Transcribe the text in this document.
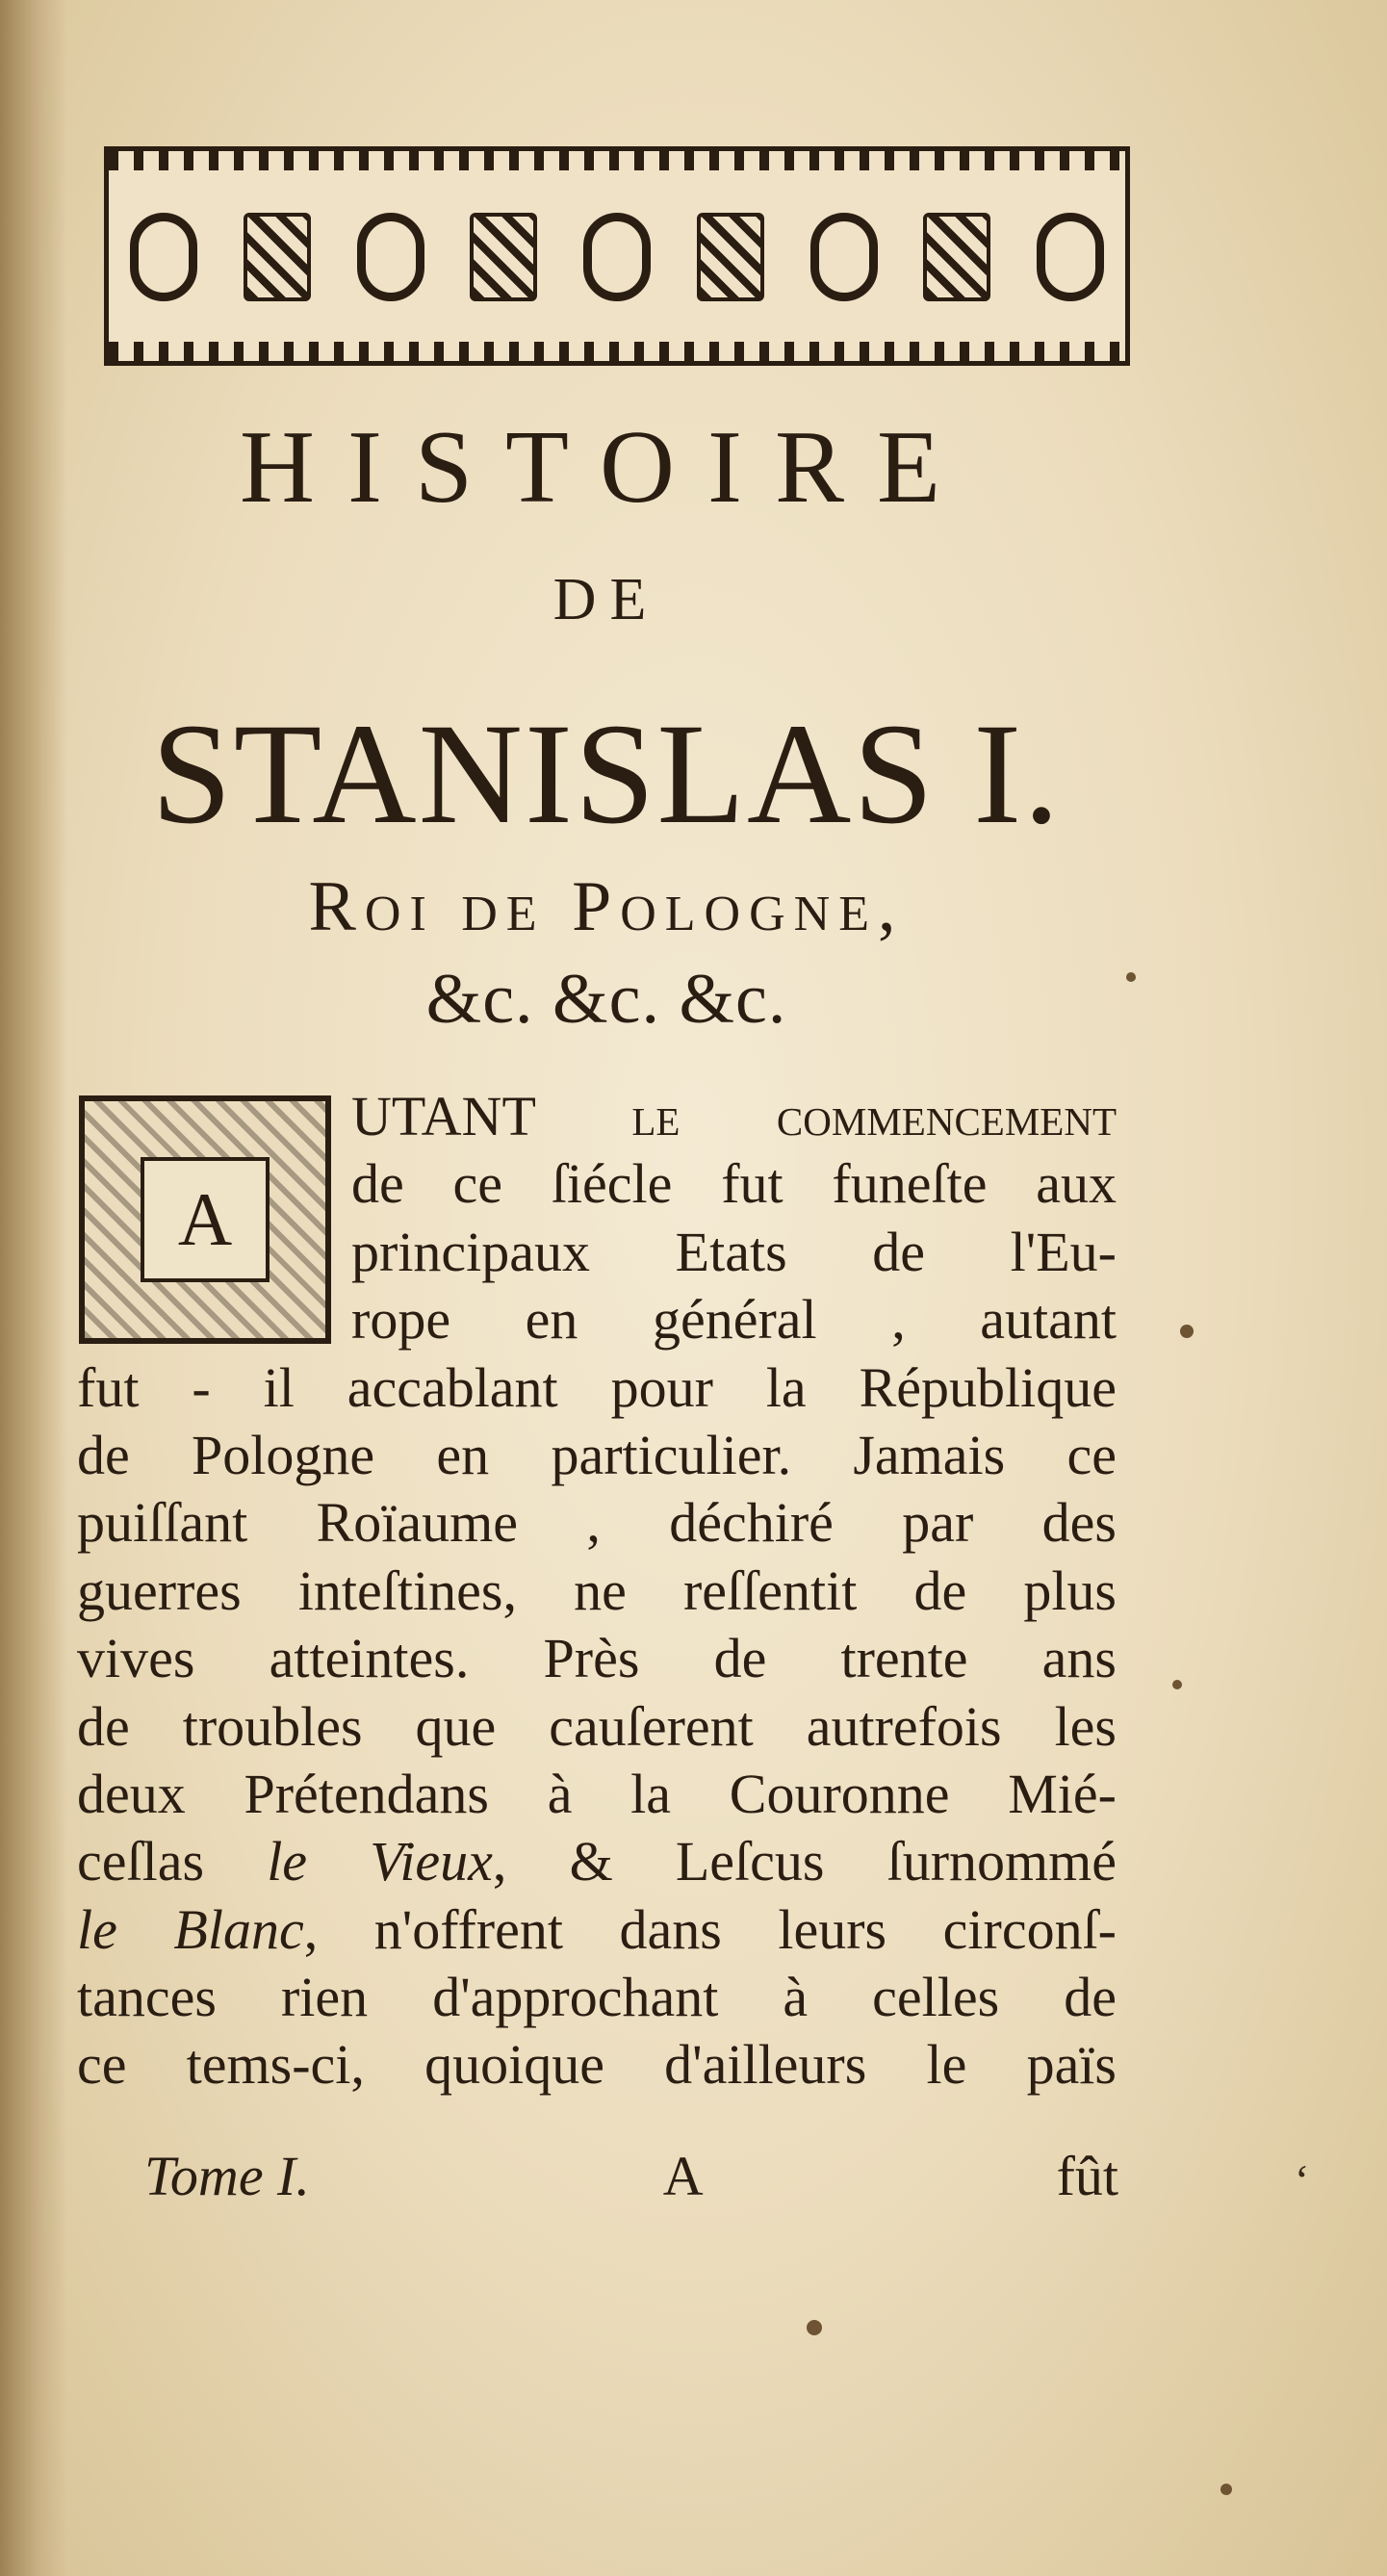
HISTOIRE
DE
STANISLAS I.
Roi de Pologne,
&c. &c. &c.
A
UTANT le commencement
de ce ſiécle fut funeſte aux
principaux Etats de l'Eu-
rope en général , autant
fut - il accablant pour la République
de Pologne en particulier. Jamais ce
puiſſant Roïaume , déchiré par des
guerres inteſtines, ne reſſentit de plus
vives atteintes. Près de trente ans
de troubles que cauſerent autrefois les
deux Prétendans à la Couronne Mié-
ceſlas le Vieux, & Leſcus ſurnommé
le Blanc, n'offrent dans leurs circonſ-
tances rien d'approchant à celles de
ce tems-ci, quoique d'ailleurs le païs
Tome I.	A	fût	‘
